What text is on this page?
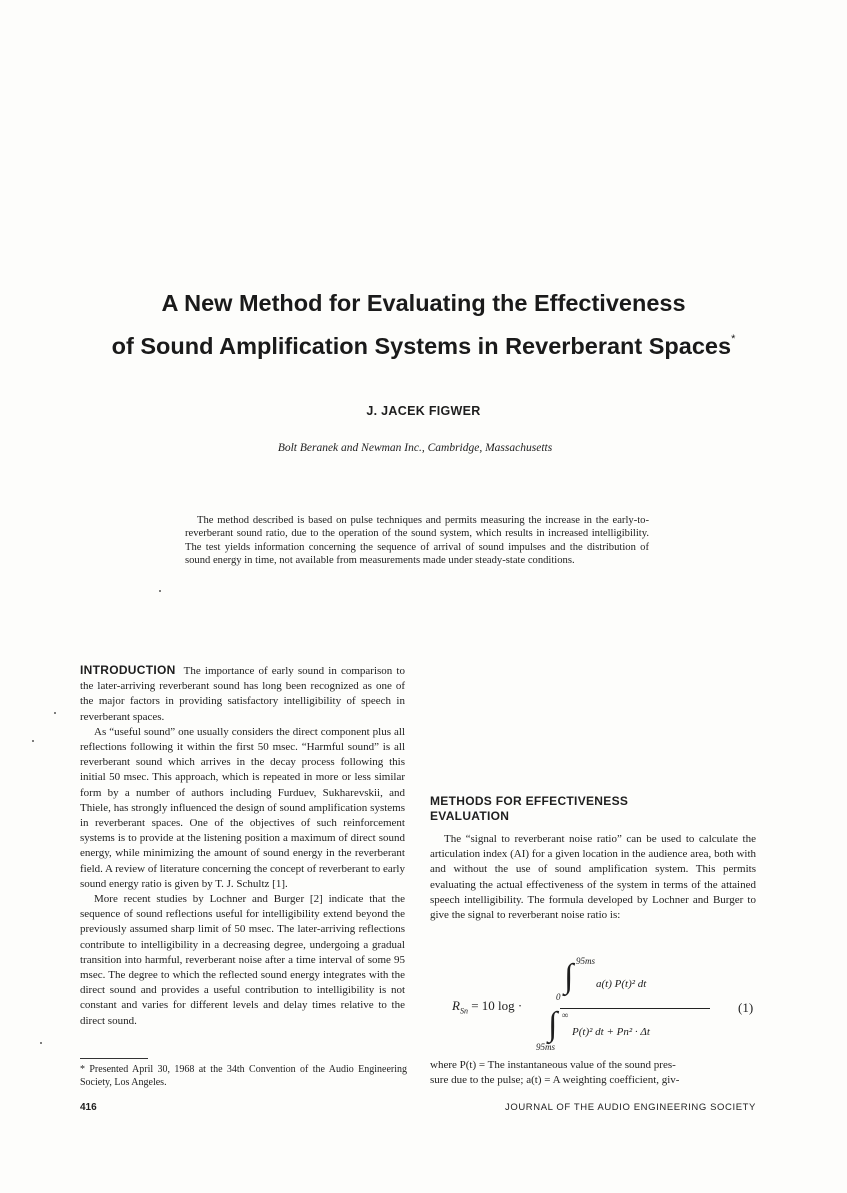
A New Method for Evaluating the Effectiveness
of Sound Amplification Systems in Reverberant Spaces*
J. JACEK FIGWER
Bolt Beranek and Newman Inc., Cambridge, Massachusetts
The method described is based on pulse techniques and permits measuring the increase in the early-to-reverberant sound ratio, due to the operation of the sound system, which results in increased intelligibility. The test yields information concerning the sequence of arrival of sound impulses and the distribution of sound energy in time, not available from measurements made under steady-state conditions.

INTRODUCTION The importance of early sound in comparison to the later-arriving reverberant sound has long been recognized as one of the major factors in providing satisfactory intelligibility of speech in reverberant spaces.

As “useful sound” one usually considers the direct component plus all reflections following it within the first 50 msec. “Harmful sound” is all reverberant sound which arrives in the decay process following this initial 50 msec. This approach, which is repeated in more or less similar form by a number of authors including Furduev, Sukharevskii, and Thiele, has strongly influenced the design of sound amplification systems in reverberant spaces. One of the objectives of such reinforcement systems is to provide at the listening position a maximum of direct sound energy, while minimizing the amount of sound energy in the reverberant field. A review of literature concerning the concept of reverberant to early sound energy ratio is given by T. J. Schultz [1].

More recent studies by Lochner and Burger [2] indicate that the sequence of sound reflections useful for intelligibility extend beyond the previously assumed sharp limit of 50 msec. The later-arriving reflections contribute to intelligibility in a decreasing degree, undergoing a gradual transition into harmful, reverberant noise after a time interval of some 95 msec. The degree to which the reflected sound energy integrates with the direct sound and provides a useful contribution to intelligibility is not constant and varies for different levels and delay times relative to the direct sound.

* Presented April 30, 1968 at the 34th Convention of the Audio Engineering Society, Los Angeles.
METHODS FOR EFFECTIVENESS
EVALUATION

The “signal to reverberant noise ratio” can be used to calculate the articulation index (AI) for a given location in the audience area, both with and without the use of sound amplification system. This permits evaluating the actual effectiveness of the system in terms of the attained speech intelligibility. The formula developed by Lochner and Burger to give the signal to reverberant noise ratio is:

$R_{Sn} = 10$ log ·
∫ 95ms
0
a(t) P(t)² dt
∫ ∞
95ms
P(t)² dt + Pn² · Δt
(1)
where P(t) = The instantaneous value of the sound pres-
sure due to the pulse; a(t) = A weighting coefficient, giv-
416	JOURNAL OF THE AUDIO ENGINEERING SOCIETY
